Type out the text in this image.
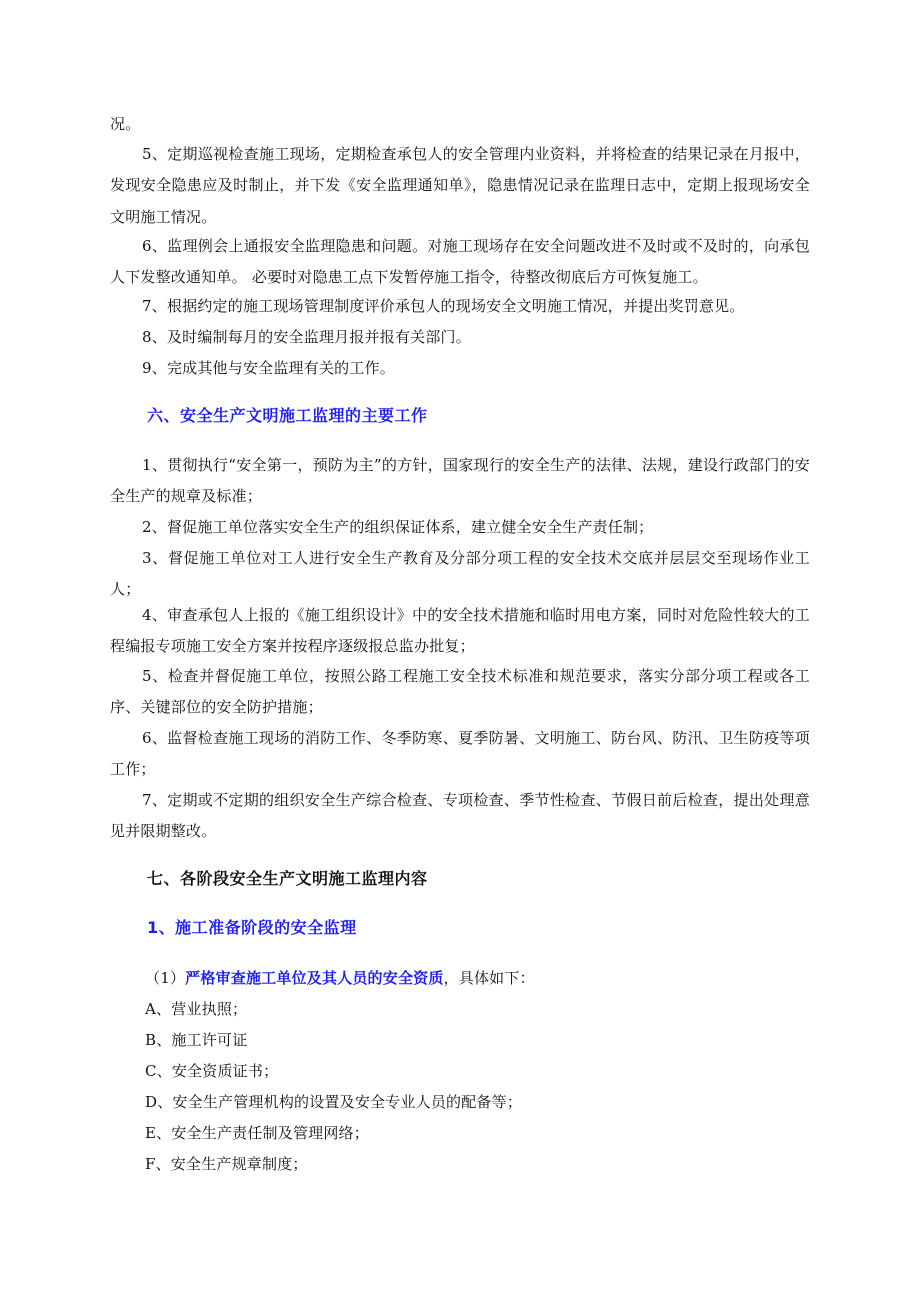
况。
5、定期巡视检查施工现场，定期检查承包人的安全管理内业资料，并将检查的结果记录在月报中，发现安全隐患应及时制止，并下发《安全监理通知单》，隐患情况记录在监理日志中，定期上报现场安全文明施工情况。
6、监理例会上通报安全监理隐患和问题。对施工现场存在安全问题改进不及时或不及时的，向承包人下发整改通知单。 必要时对隐患工点下发暂停施工指令，待整改彻底后方可恢复施工。
7、根据约定的施工现场管理制度评价承包人的现场安全文明施工情况，并提出奖罚意见。
8、及时编制每月的安全监理月报并报有关部门。
9、完成其他与安全监理有关的工作。
六、安全生产文明施工监理的主要工作
1、贯彻执行“安全第一，预防为主”的方针，国家现行的安全生产的法律、法规，建设行政部门的安全生产的规章及标准；
2、督促施工单位落实安全生产的组织保证体系，建立健全安全生产责任制；
3、督促施工单位对工人进行安全生产教育及分部分项工程的安全技术交底并层层交至现场作业工人；
4、审查承包人上报的《施工组织设计》中的安全技术措施和临时用电方案，同时对危险性较大的工程编报专项施工安全方案并按程序逐级报总监办批复；
5、检查并督促施工单位，按照公路工程施工安全技术标准和规范要求，落实分部分项工程或各工序、关键部位的安全防护措施；
6、监督检查施工现场的消防工作、冬季防寒、夏季防暑、文明施工、防台风、防汛、卫生防疫等项工作；
7、定期或不定期的组织安全生产综合检查、专项检查、季节性检查、节假日前后检查，提出处理意见并限期整改。
七、各阶段安全生产文明施工监理内容
1、施工准备阶段的安全监理
（1）严格审查施工单位及其人员的安全资质，具体如下：
A、营业执照；
B、施工许可证
C、安全资质证书；
D、安全生产管理机构的设置及安全专业人员的配备等；
E、安全生产责任制及管理网络；
F、安全生产规章制度；
